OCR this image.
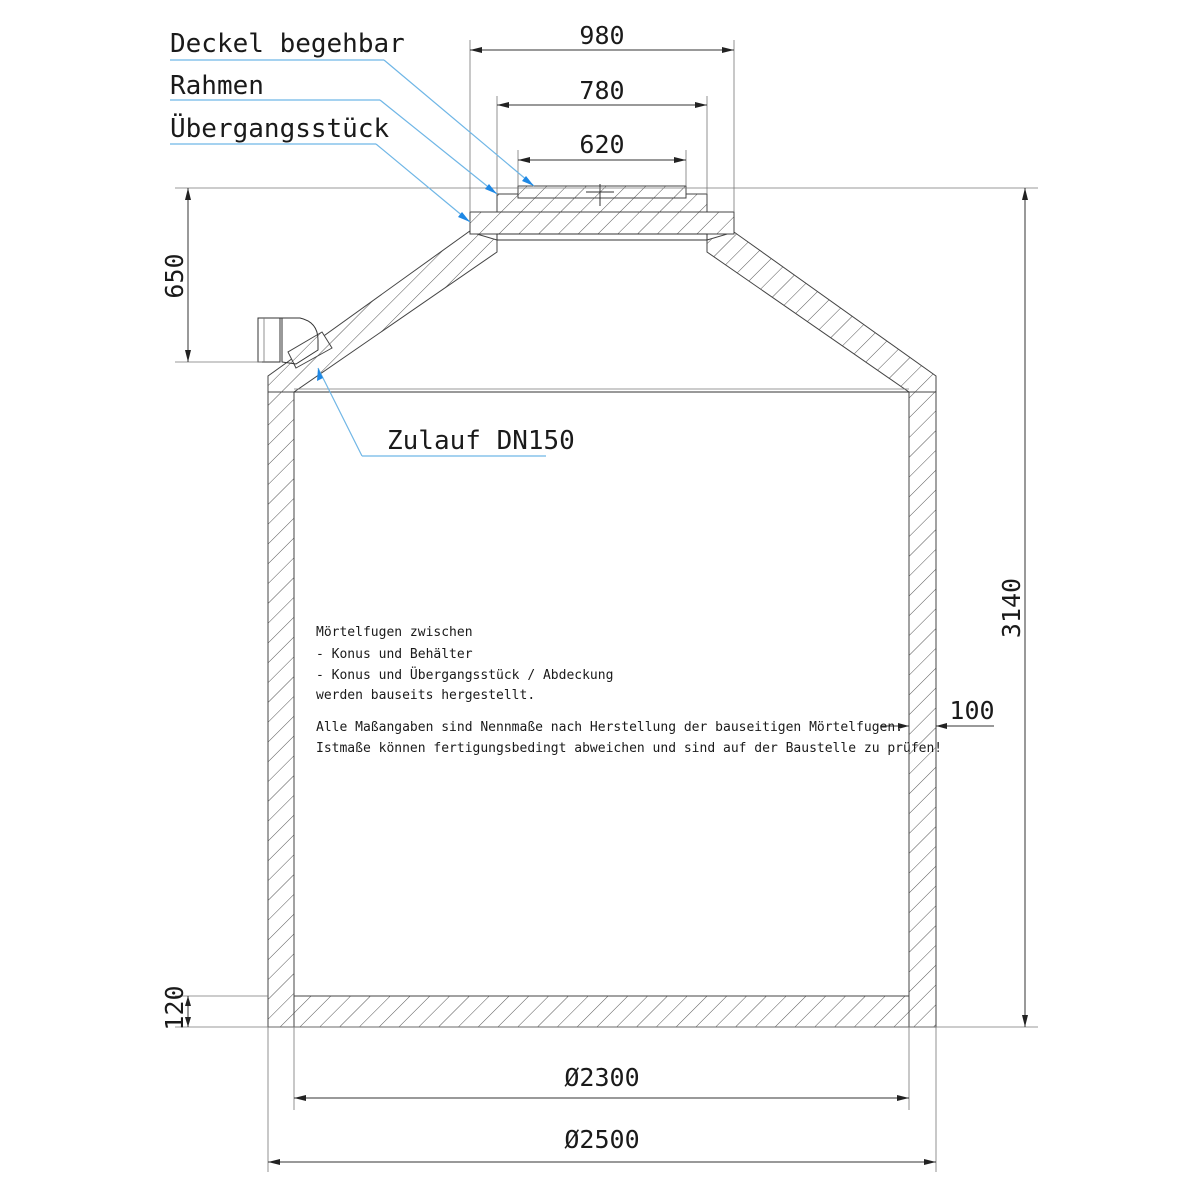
Deckel begehbar
Rahmen
Übergangsstück
Zulauf DN150
980
780
620
650
3140
100
120
Ø2300
Ø2500
Mörtelfugen zwischen
- Konus und Behälter
- Konus und Übergangsstück / Abdeckung
werden bauseits hergestellt.
Alle Maßangaben sind Nennmaße nach Herstellung der bauseitigen Mörtelfugen.
Istmaße können fertigungsbedingt abweichen und sind auf der Baustelle zu prüfen!
